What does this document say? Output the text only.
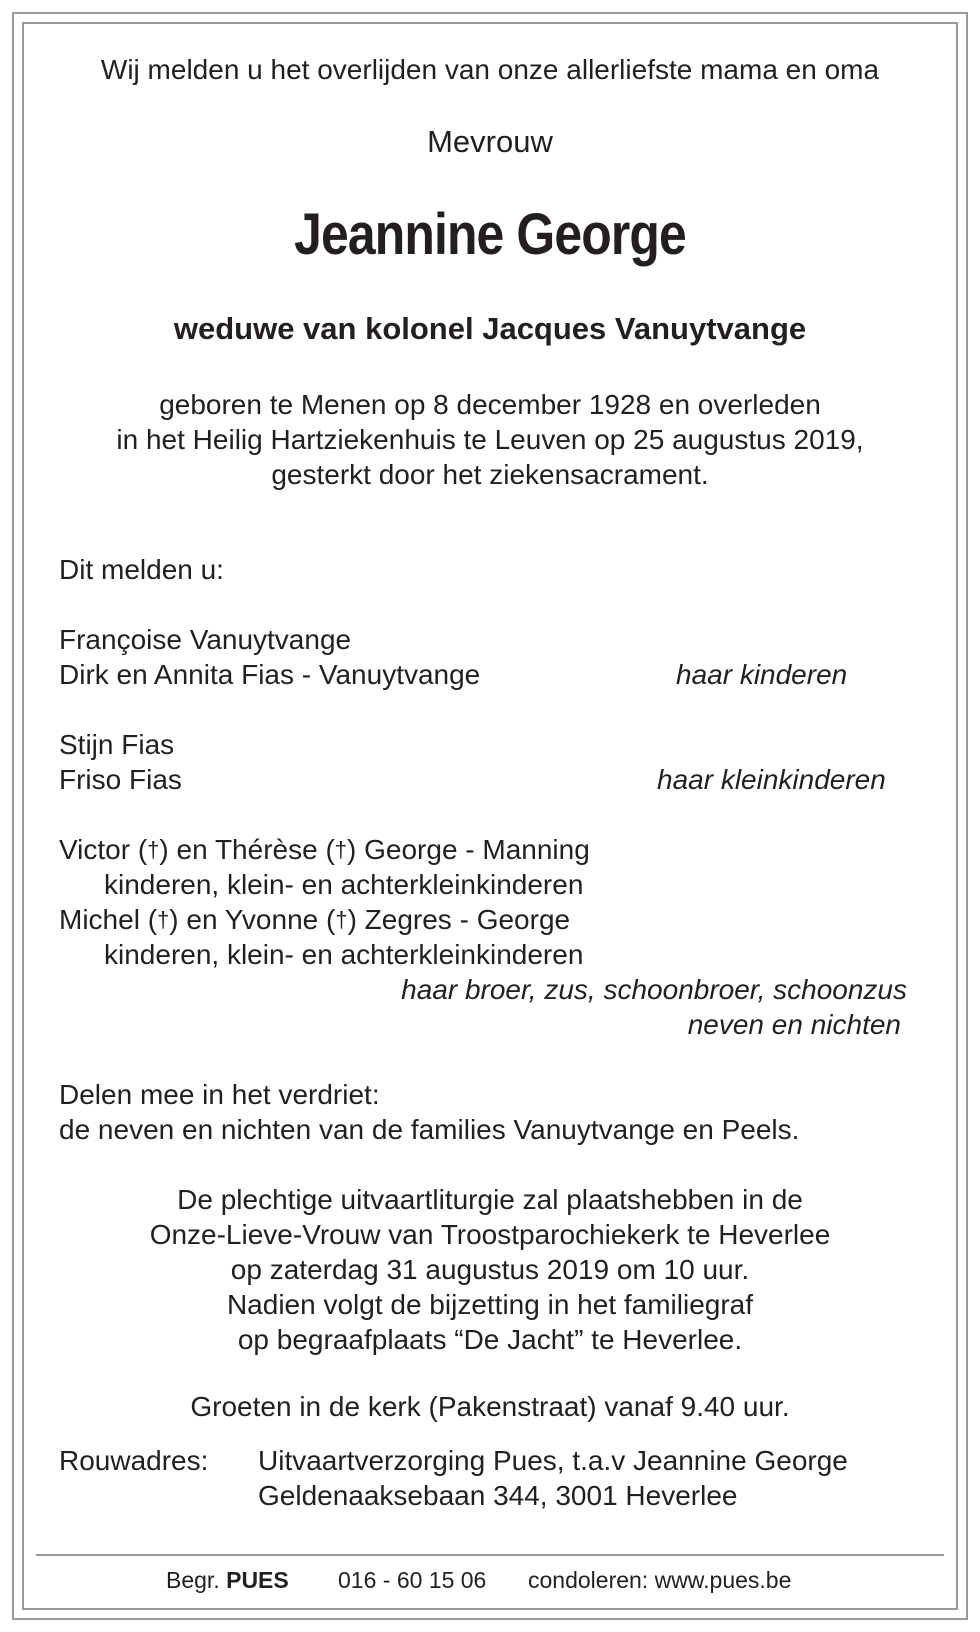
Wij melden u het overlijden van onze allerliefste mama en oma
Mevrouw
Jeannine George
weduwe van kolonel Jacques Vanuytvange
geboren te Menen op 8 december 1928 en overleden
in het Heilig Hartziekenhuis te Leuven op 25 augustus 2019,
gesterkt door het ziekensacrament.
Dit melden u:
Françoise Vanuytvange
Dirk en Annita Fias - Vanuytvange	haar kinderen
Stijn Fias
Friso Fias	haar kleinkinderen
Victor (†) en Thérèse (†) George - Manning
kinderen, klein- en achterkleinkinderen
Michel (†) en Yvonne (†) Zegres - George
kinderen, klein- en achterkleinkinderen
haar broer, zus, schoonbroer, schoonzus
neven en nichten
Delen mee in het verdriet:
de neven en nichten van de families Vanuytvange en Peels.
De plechtige uitvaartliturgie zal plaatshebben in de
Onze-Lieve-Vrouw van Troostparochiekerk te Heverlee
op zaterdag 31 augustus 2019 om 10 uur.
Nadien volgt de bijzetting in het familiegraf
op begraafplaats “De Jacht” te Heverlee.
Groeten in de kerk (Pakenstraat) vanaf 9.40 uur.
Rouwadres: Uitvaartverzorging Pues, t.a.v Jeannine George
Geldenaaksebaan 344, 3001 Heverlee
Begr. PUES 016 - 60 15 06 condoleren: www.pues.be
